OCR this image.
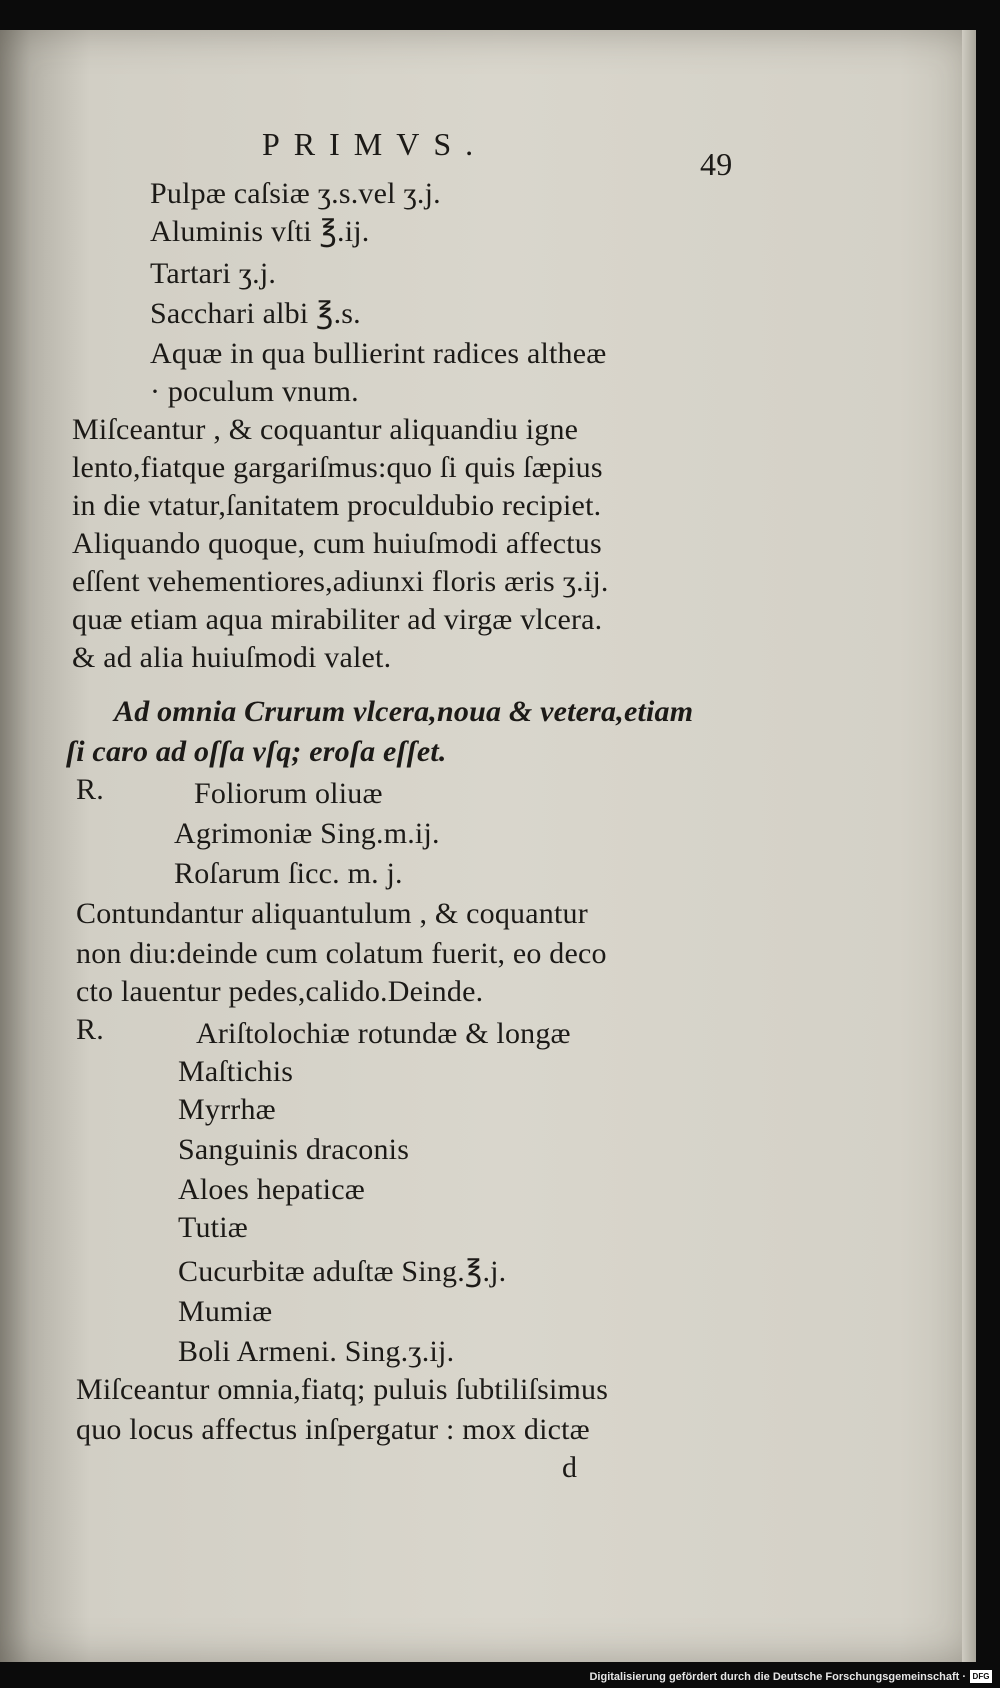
PRIMVS.
49
Pulpæ caſsiæ ʒ.s.vel ʒ.j.
Aluminis vſti ℥.ij.
Tartari ʒ.j.
Sacchari albi ℥.s.
Aquæ in qua bullierint radices altheæ
· poculum vnum.
Miſceantur , & coquantur aliquandiu igne
lento,fiatque gargariſmus:quo ſi quis ſæpius
in die vtatur,ſanitatem proculdubio recipiet.
Aliquando quoque, cum huiuſmodi affectus
eſſent vehementiores,adiunxi floris æris ʒ.ij.
quæ etiam aqua mirabiliter ad virgæ vlcera.
& ad alia huiuſmodi valet.
Ad omnia Crurum vlcera,noua & vetera,etiam
ſi caro ad oſſa vſq; eroſa eſſet.
R.	Foliorum oliuæ
Agrimoniæ Sing.m.ij.
Roſarum ſicc. m. j.
Contundantur aliquantulum , & coquantur
non diu:deinde cum colatum fuerit, eo deco
cto lauentur pedes,calido.Deinde.
R.	Ariſtolochiæ rotundæ & longæ
Maſtichis
Myrrhæ
Sanguinis draconis
Aloes hepaticæ
Tutiæ
Cucurbitæ aduſtæ Sing.℥.j.
Mumiæ
Boli Armeni. Sing.ʒ.ij.
Miſceantur omnia,fiatq; puluis ſubtiliſsimus
quo locus affectus inſpergatur : mox dictæ
d
Digitalisierung gefördert durch die Deutsche Forschungsgemeinschaft · DFG
